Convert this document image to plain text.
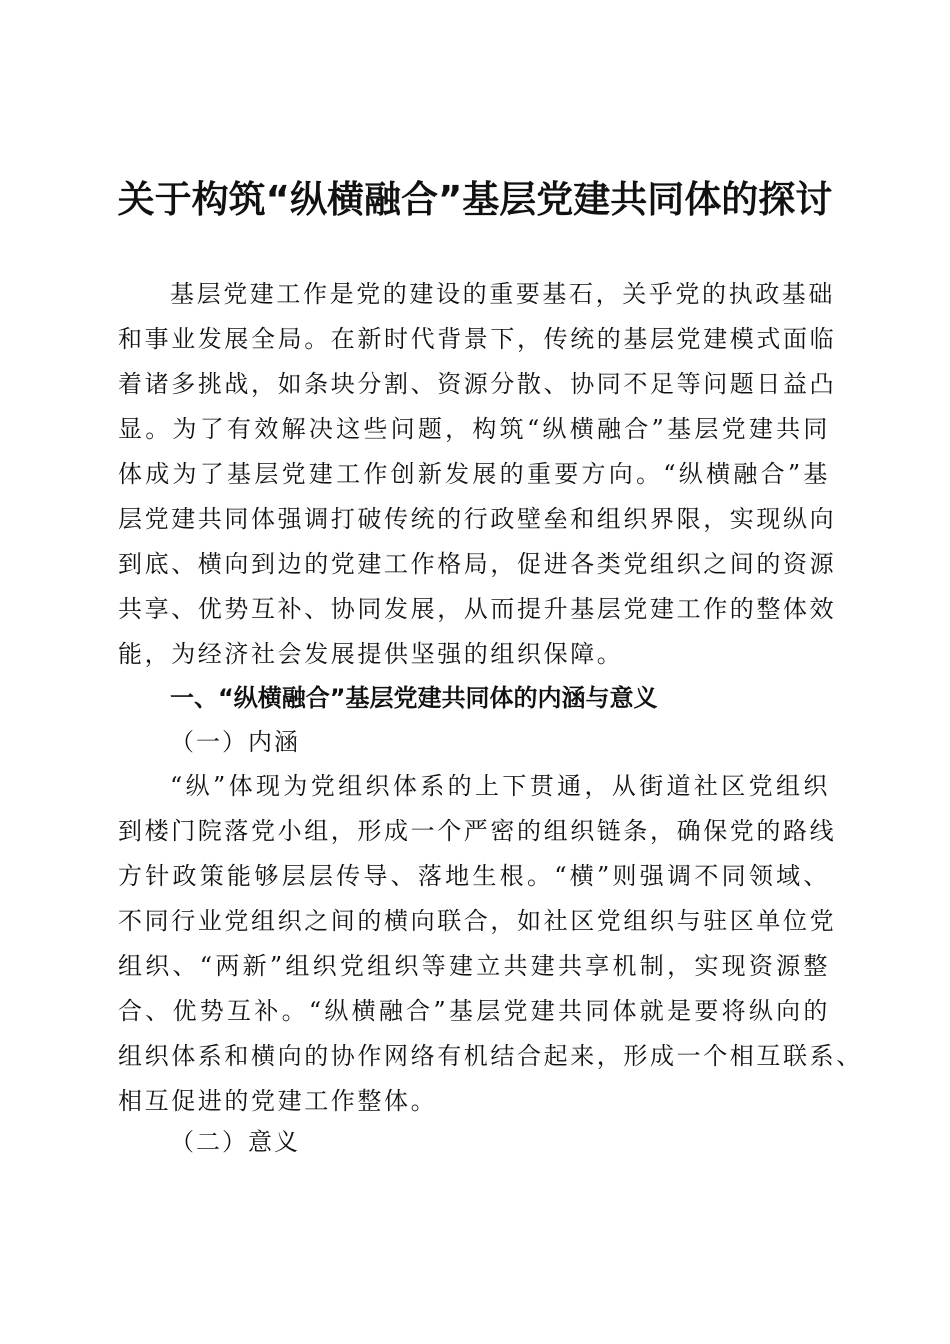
关于构筑“纵横融合”基层党建共同体的探讨
基层党建工作是党的建设的重要基石，关乎党的执政基础
和事业发展全局。在新时代背景下，传统的基层党建模式面临
着诸多挑战，如条块分割、资源分散、协同不足等问题日益凸
显。为了有效解决这些问题，构筑“纵横融合”基层党建共同
体成为了基层党建工作创新发展的重要方向。“纵横融合”基
层党建共同体强调打破传统的行政壁垒和组织界限，实现纵向
到底、横向到边的党建工作格局，促进各类党组织之间的资源
共享、优势互补、协同发展，从而提升基层党建工作的整体效
能，为经济社会发展提供坚强的组织保障。
一、“纵横融合”基层党建共同体的内涵与意义
（一）内涵
“纵”体现为党组织体系的上下贯通，从街道社区党组织
到楼门院落党小组，形成一个严密的组织链条，确保党的路线
方针政策能够层层传导、落地生根。“横”则强调不同领域、
不同行业党组织之间的横向联合，如社区党组织与驻区单位党
组织、“两新”组织党组织等建立共建共享机制，实现资源整
合、优势互补。“纵横融合”基层党建共同体就是要将纵向的
组织体系和横向的协作网络有机结合起来，形成一个相互联系、
相互促进的党建工作整体。
（二）意义
